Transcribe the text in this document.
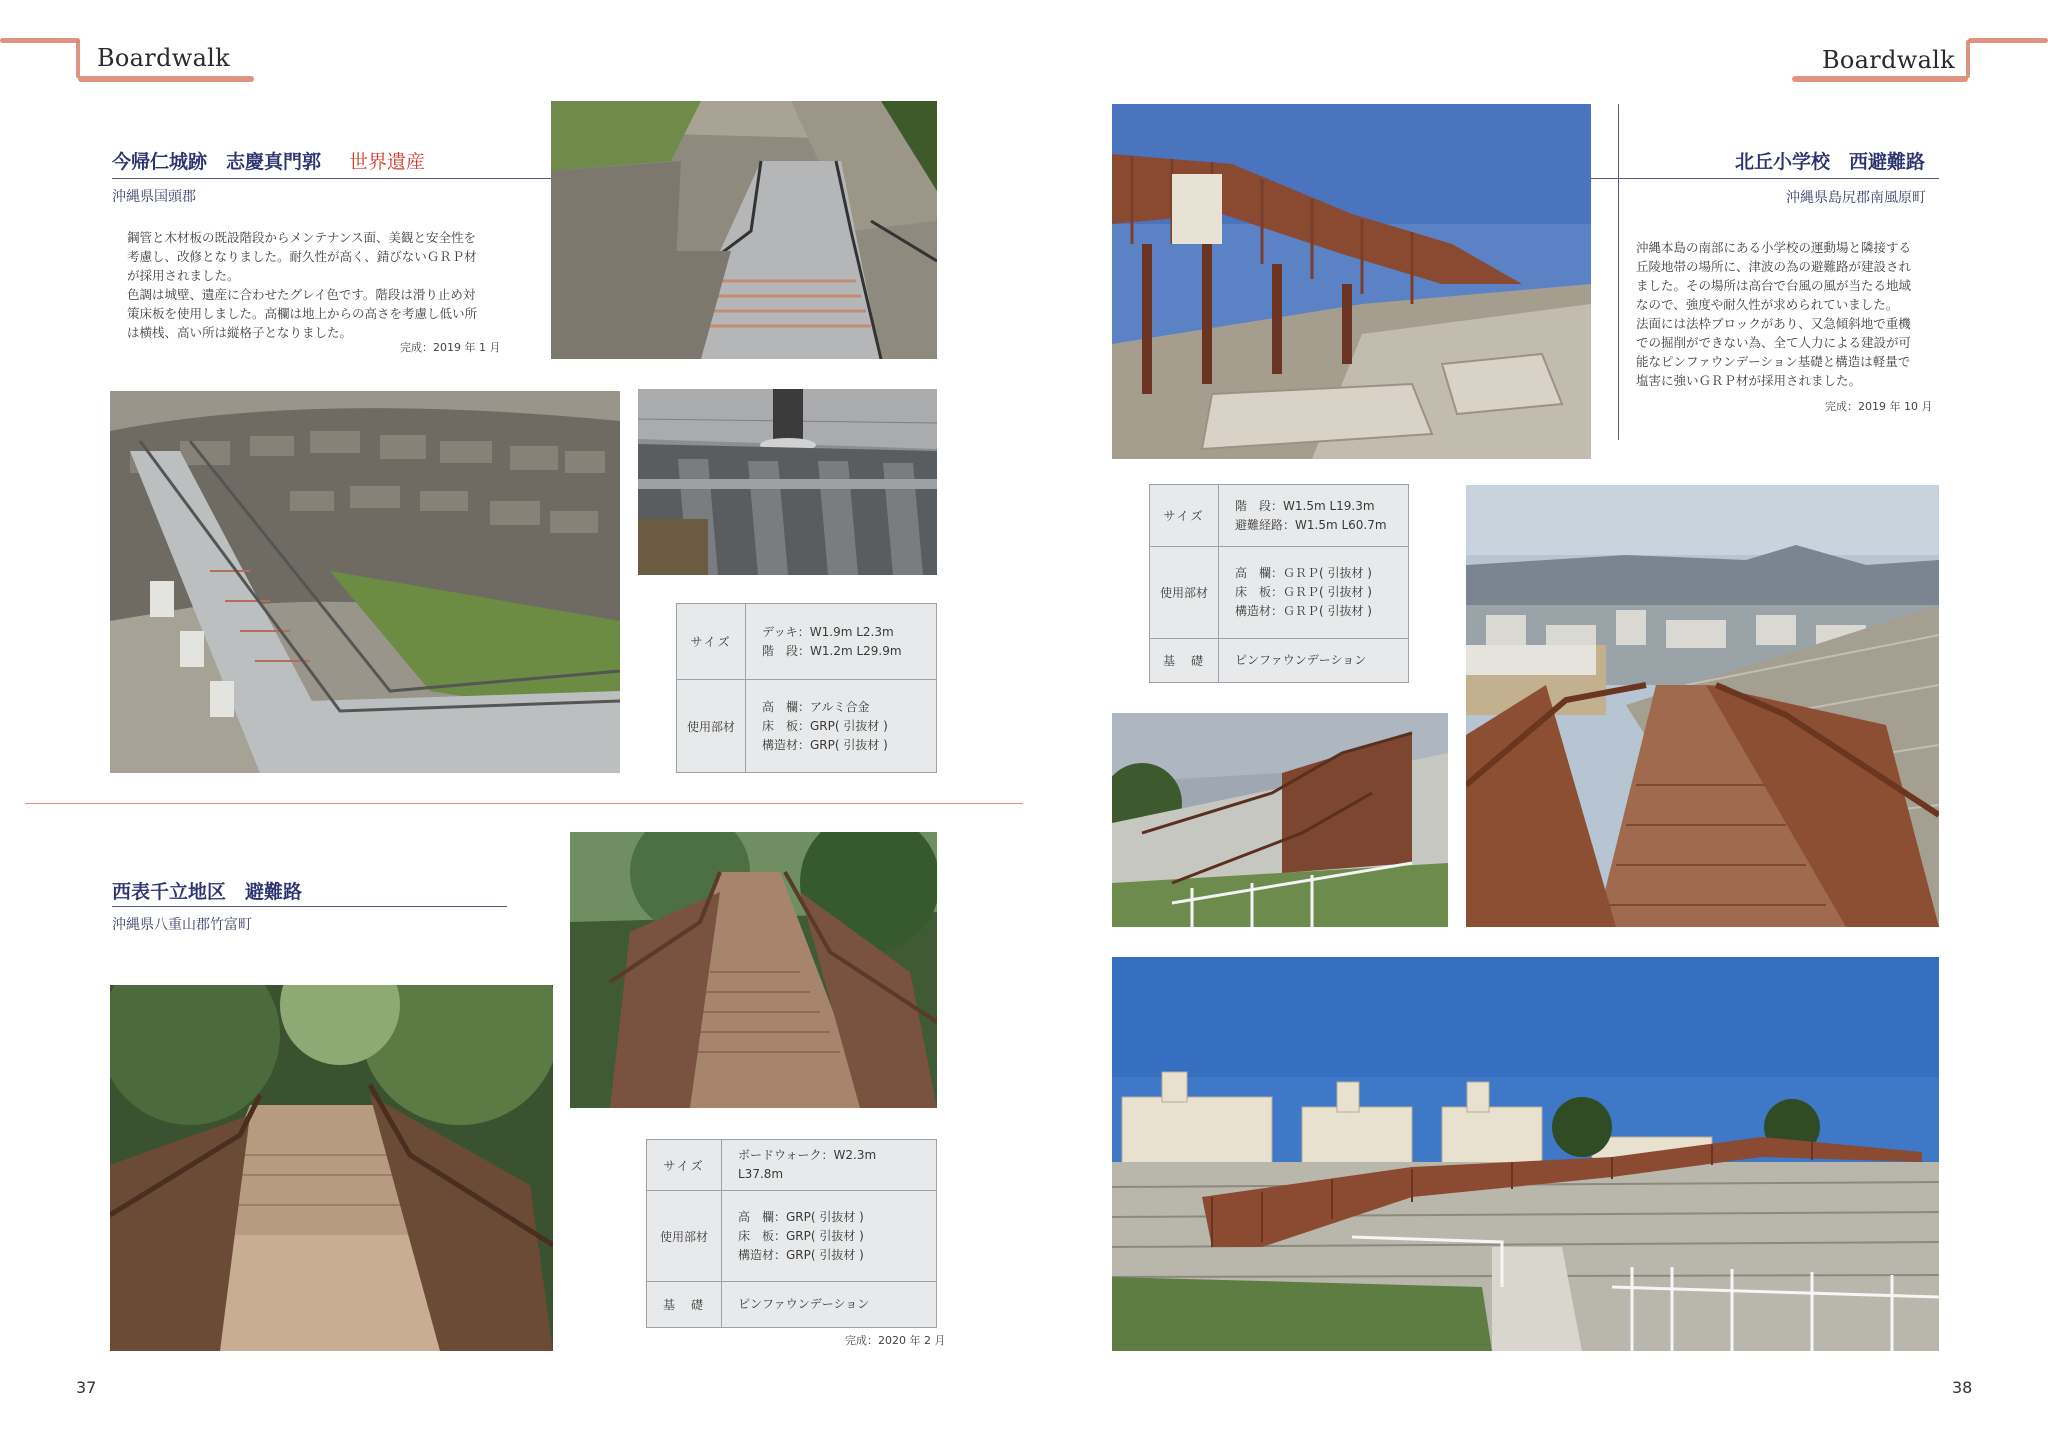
Boardwalk	Boardwalk
今帰仁城跡　志慶真門郭 世界遺産
沖縄県国頭郡

鋼管と木材板の既設階段からメンテナンス面、美観と安全性を

考慮し、改修となりました。耐久性が高く、錆びないＧＲＰ材

が採用されました。

色調は城壁、遺産に合わせたグレイ色です。階段は滑り止め対

策床板を使用しました。高欄は地上からの高さを考慮し低い所

は横桟、高い所は縦格子となりました。

完成：2019 年 1 月
サイズ	デッキ：W1.9m L2.3m
階　段：W1.2m L29.9m

使用部材	高　欄：アルミ合金
床　板：GRP( 引抜材 )
構造材：GRP( 引抜材 )
西表千立地区　避難路
沖縄県八重山郡竹富町
サイズ	ボードウォーク：W2.3m L37.8m

使用部材	高　欄：GRP( 引抜材 )
床　板：GRP( 引抜材 )
構造材：GRP( 引抜材 )

基　礎	ピンファウンデーション
完成：2020 年 2 月
37
北丘小学校　西避難路
沖縄県島尻郡南風原町

沖縄本島の南部にある小学校の運動場と隣接する

丘陵地帯の場所に、津波の為の避難路が建設され

ました。その場所は高台で台風の風が当たる地域

なので、強度や耐久性が求められていました。

法面には法枠ブロックがあり、又急傾斜地で重機

での掘削ができない為、全て人力による建設が可

能なピンファウンデーション基礎と構造は軽量で

塩害に強いＧＲＰ材が採用されました。

完成：2019 年 10 月
サイズ	階　段：W1.5m L19.3m
避難経路：W1.5m L60.7m

使用部材	高　欄：ＧＲＰ( 引抜材 )
床　板：ＧＲＰ( 引抜材 )
構造材：ＧＲＰ( 引抜材 )

基　礎	ピンファウンデーション
38
